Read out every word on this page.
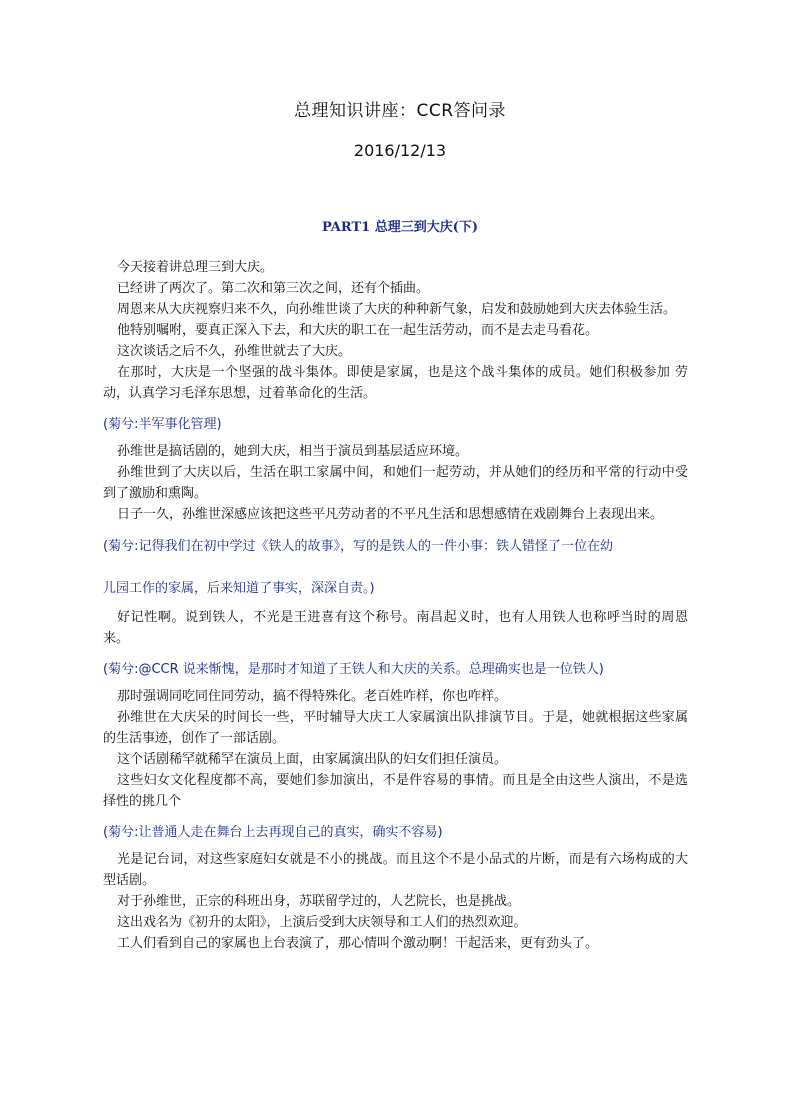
总理知识讲座：CCR答问录
2016/12/13
PART1 总理三到大庆(下)

今天接着讲总理三到大庆。

已经讲了两次了。第二次和第三次之间，还有个插曲。

周恩来从大庆视察归来不久，向孙维世谈了大庆的种种新气象，启发和鼓励她到大庆去体验生活。

他特别嘱咐，要真正深入下去，和大庆的职工在一起生活劳动，而不是去走马看花。

这次谈话之后不久，孙维世就去了大庆。

在那时，大庆是一个坚强的战斗集体。即使是家属，也是这个战斗集体的成员。她们积极参加 劳动，认真学习毛泽东思想，过着革命化的生活。

(菊兮:半军事化管理)

孙维世是搞话剧的，她到大庆，相当于演员到基层适应环境。

孙维世到了大庆以后，生活在职工家属中间，和她们一起劳动，并从她们的经历和平常的行动中受到了激励和熏陶。

日子一久，孙维世深感应该把这些平凡劳动者的不平凡生活和思想感情在戏剧舞台上表现出来。

(菊兮:记得我们在初中学过《铁人的故事》，写的是铁人的一件小事：铁人错怪了一位在幼
儿园工作的家属，后来知道了事实，深深自责。)

好记性啊。说到铁人，不光是王进喜有这个称号。南昌起义时，也有人用铁人也称呼当时的周恩来。

(菊兮:@CCR 说来惭愧，是那时才知道了王铁人和大庆的关系。总理确实也是一位铁人)

那时强调同吃同住同劳动，搞不得特殊化。老百姓咋样，你也咋样。

孙维世在大庆呆的时间长一些，平时辅导大庆工人家属演出队排演节目。于是，她就根据这些家属的生活事迹，创作了一部话剧。

这个话剧稀罕就稀罕在演员上面，由家属演出队的妇女们担任演员。

这些妇女文化程度都不高，要她们参加演出，不是件容易的事情。而且是全由这些人演出，不是选择性的挑几个

(菊兮:让普通人走在舞台上去再现自己的真实，确实不容易)

光是记台词，对这些家庭妇女就是不小的挑战。而且这个不是小品式的片断，而是有六场构成的大型话剧。

对于孙维世，正宗的科班出身，苏联留学过的，人艺院长，也是挑战。

这出戏名为《初升的太阳》，上演后受到大庆领导和工人们的热烈欢迎。

工人们看到自己的家属也上台表演了，那心情叫个激动啊！干起活来，更有劲头了。
